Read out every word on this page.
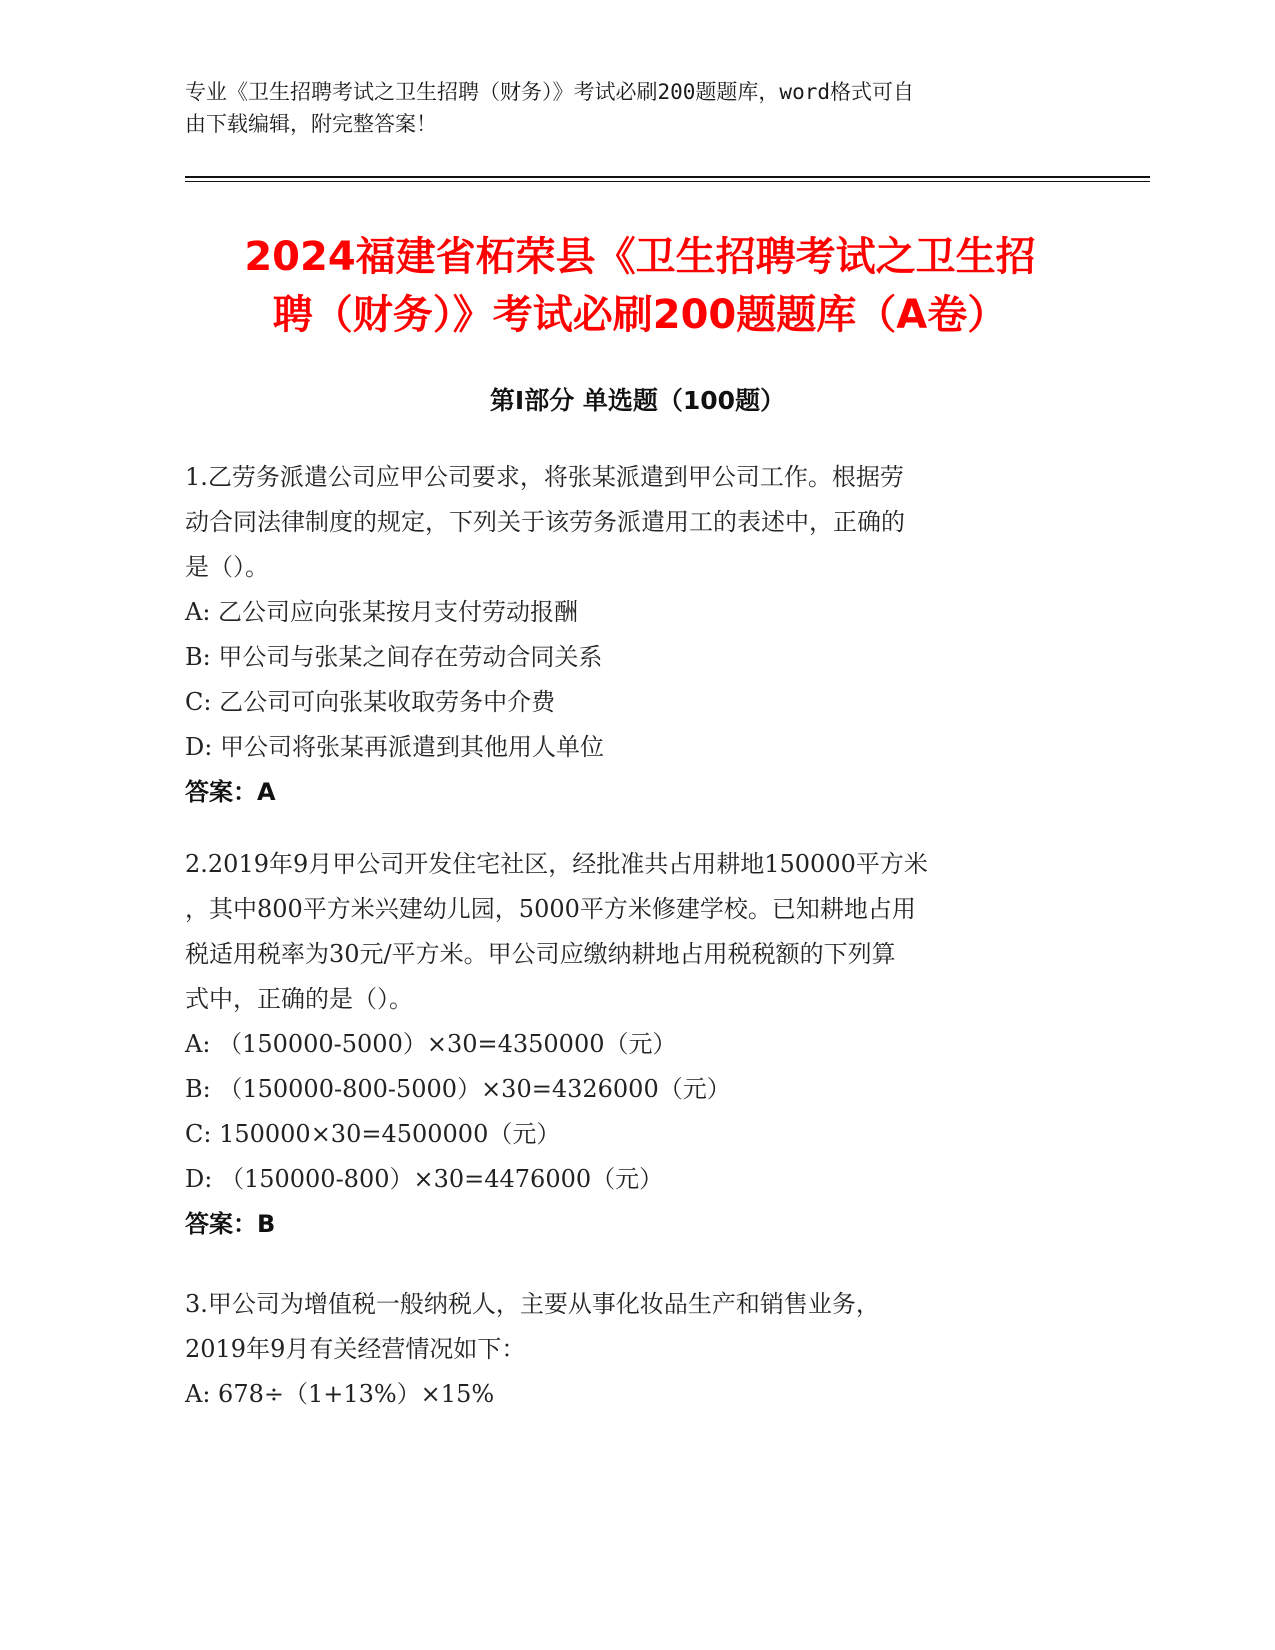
专业《卫生招聘考试之卫生招聘（财务）》考试必刷200题题库，word格式可自
由下载编辑，附完整答案！
2024福建省柘荣县《卫生招聘考试之卫生招
聘（财务）》考试必刷200题题库（A卷）
第I部分 单选题（100题）
1.乙劳务派遣公司应甲公司要求，将张某派遣到甲公司工作。根据劳
动合同法律制度的规定，下列关于该劳务派遣用工的表述中，正确的
是（）。
A: 乙公司应向张某按月支付劳动报酬
B: 甲公司与张某之间存在劳动合同关系
C: 乙公司可向张某收取劳务中介费
D: 甲公司将张某再派遣到其他用人单位
答案：A
2.2019年9月甲公司开发住宅社区，经批准共占用耕地150000平方米
，其中800平方米兴建幼儿园，5000平方米修建学校。已知耕地占用
税适用税率为30元/平方米。甲公司应缴纳耕地占用税税额的下列算
式中，正确的是（）。
A: （150000-5000）×30=4350000（元）
B: （150000-800-5000）×30=4326000（元）
C: 150000×30=4500000（元）
D: （150000-800）×30=4476000（元）
答案：B
3.甲公司为增值税一般纳税人，主要从事化妆品生产和销售业务，
2019年9月有关经营情况如下：
A: 678÷（1+13%）×15%
